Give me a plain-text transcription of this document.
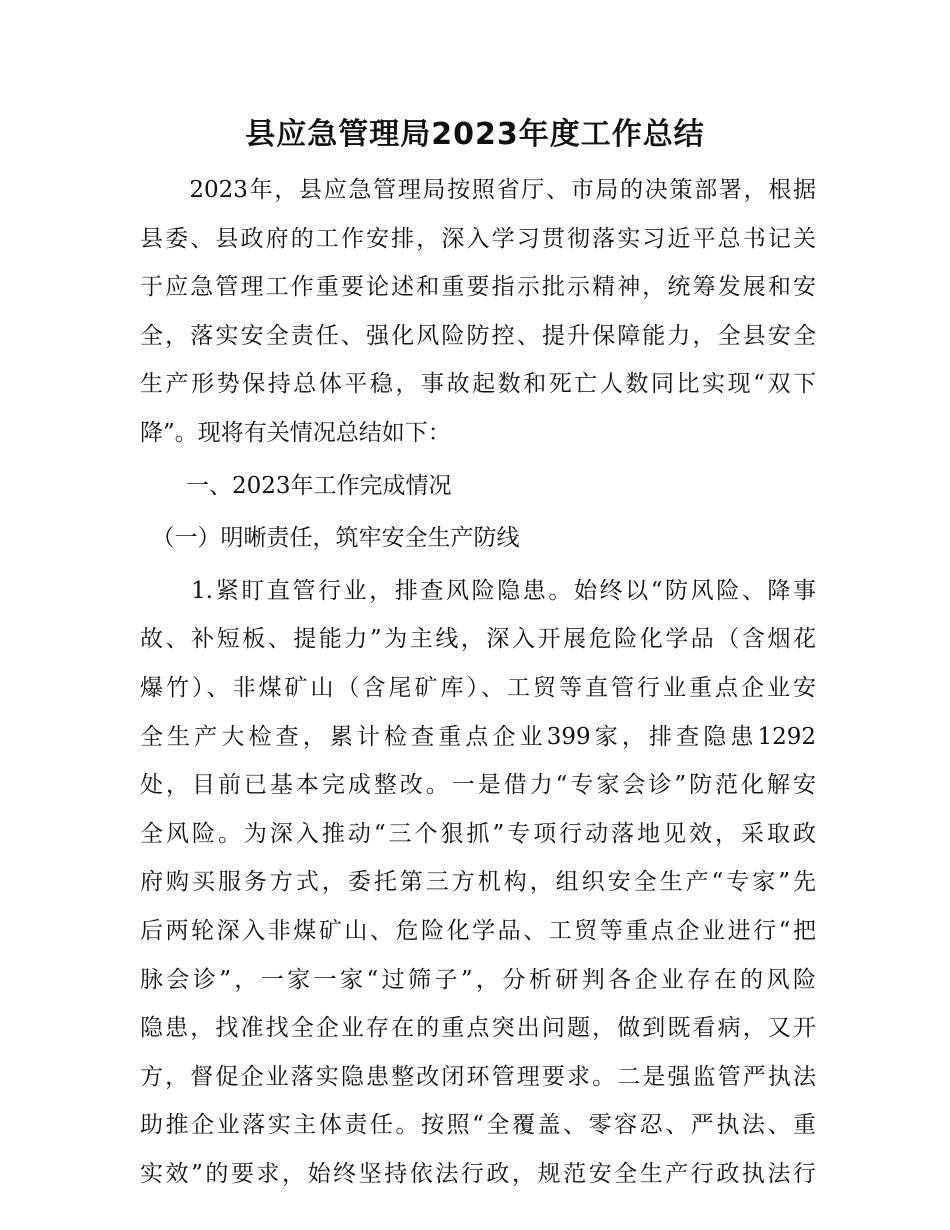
县应急管理局2023年度工作总结
　　2023年，县应急管理局按照省厅、市局的决策部署，根据
县委、县政府的工作安排，深入学习贯彻落实习近平总书记关
于应急管理工作重要论述和重要指示批示精神，统筹发展和安
全，落实安全责任、强化风险防控、提升保障能力，全县安全
生产形势保持总体平稳，事故起数和死亡人数同比实现“双下
降”。现将有关情况总结如下：
　　一、2023年工作完成情况
　（一）明晰责任，筑牢安全生产防线
　　1.紧盯直管行业，排查风险隐患。始终以“防风险、降事
故、补短板、提能力”为主线，深入开展危险化学品（含烟花
爆竹）、非煤矿山（含尾矿库）、工贸等直管行业重点企业安
全生产大检查，累计检查重点企业399家，排查隐患1292
处，目前已基本完成整改。一是借力“专家会诊”防范化解安
全风险。为深入推动“三个狠抓”专项行动落地见效，采取政
府购买服务方式，委托第三方机构，组织安全生产“专家”先
后两轮深入非煤矿山、危险化学品、工贸等重点企业进行“把
脉会诊”，一家一家“过筛子”，分析研判各企业存在的风险
隐患，找准找全企业存在的重点突出问题，做到既看病，又开
方，督促企业落实隐患整改闭环管理要求。二是强监管严执法
助推企业落实主体责任。按照“全覆盖、零容忍、严执法、重
实效”的要求，始终坚持依法行政，规范安全生产行政执法行
